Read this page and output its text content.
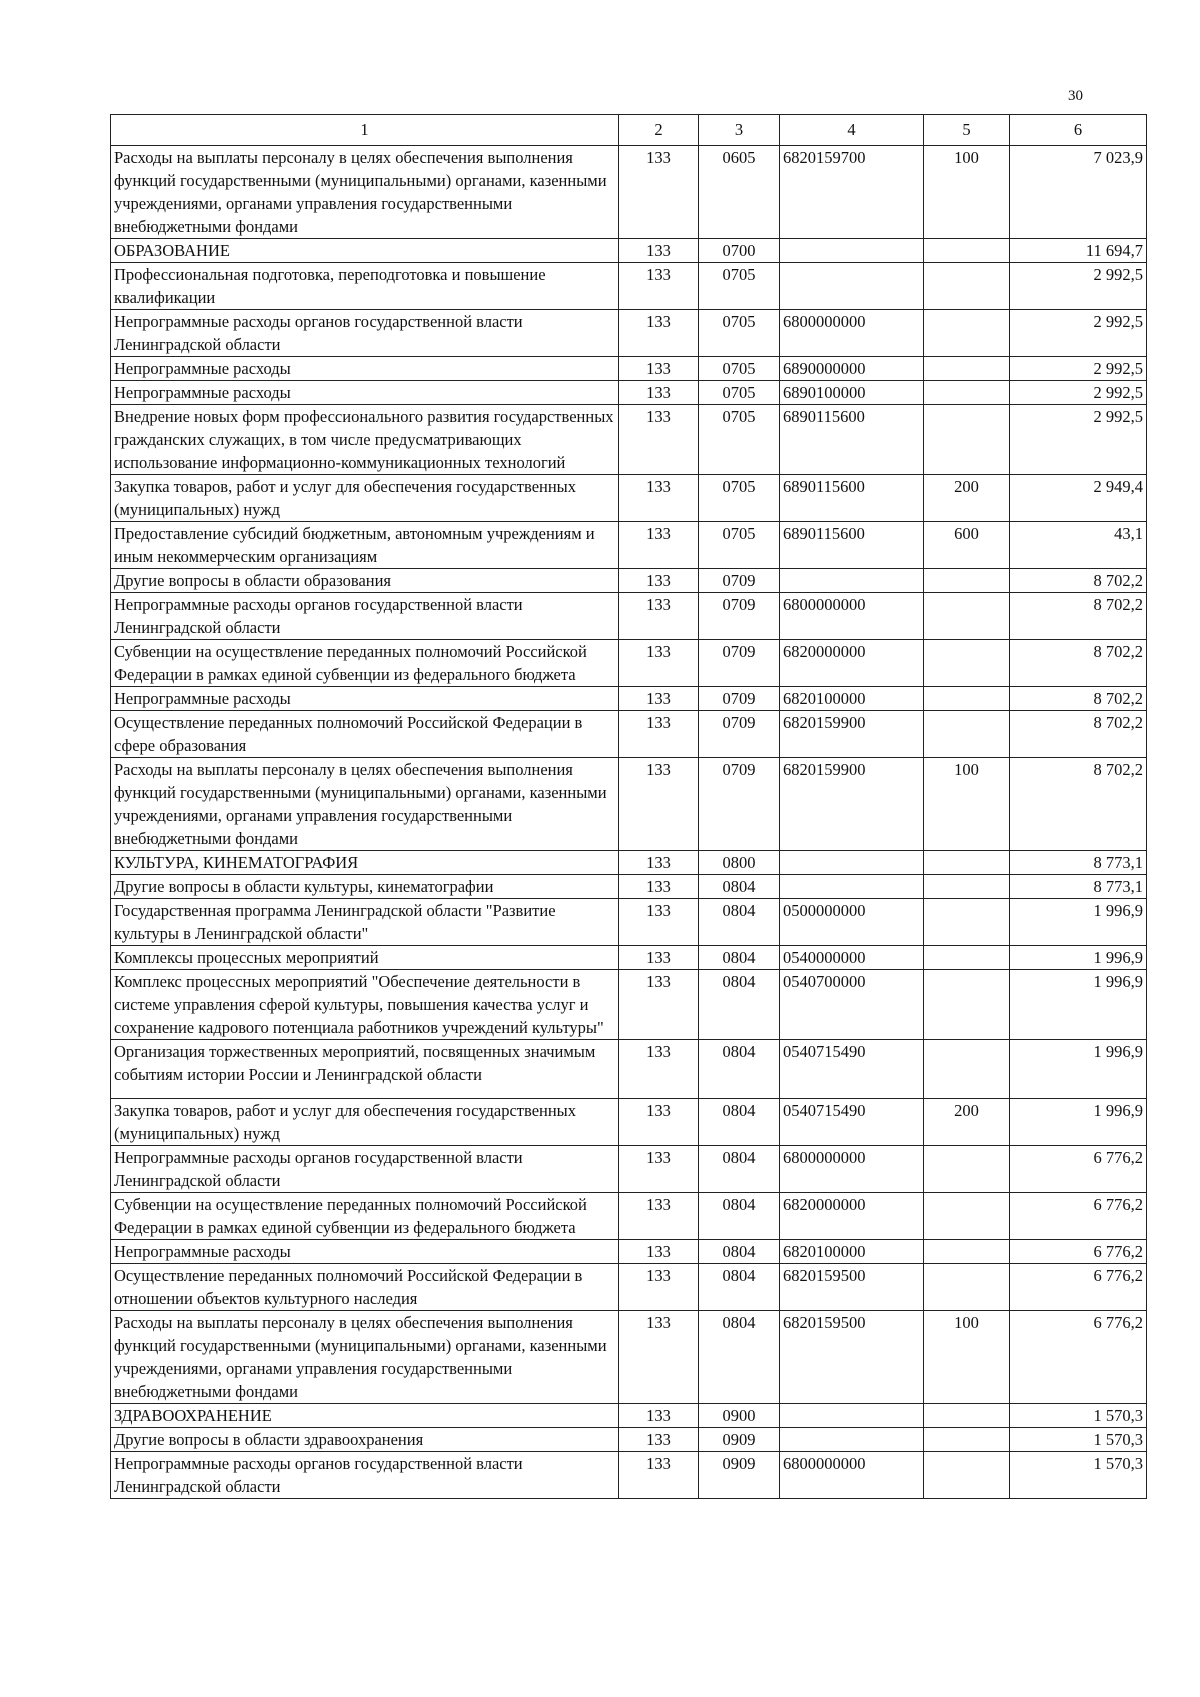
30
1	2	3	4	5	6
Расходы на выплаты персоналу в целях обеспечения выполнения функций государственными (муниципальными) органами, казенными учреждениями, органами управления государственными внебюджетными фондами	133	0605	6820159700	100	7 023,9
ОБРАЗОВАНИЕ	133	0700			11 694,7
Профессиональная подготовка, переподготовка и повышение квалификации	133	0705			2 992,5
Непрограммные расходы органов государственной власти Ленинградской области	133	0705	6800000000		2 992,5
Непрограммные расходы	133	0705	6890000000		2 992,5
Непрограммные расходы	133	0705	6890100000		2 992,5
Внедрение новых форм профессионального развития государственных гражданских служащих, в том числе предусматривающих использование информационно-коммуникационных технологий	133	0705	6890115600		2 992,5
Закупка товаров, работ и услуг для обеспечения государственных (муниципальных) нужд	133	0705	6890115600	200	2 949,4
Предоставление субсидий бюджетным, автономным учреждениям и иным некоммерческим организациям	133	0705	6890115600	600	43,1
Другие вопросы в области образования	133	0709			8 702,2
Непрограммные расходы органов государственной власти Ленинградской области	133	0709	6800000000		8 702,2
Субвенции на осуществление переданных полномочий Российской Федерации в рамках единой субвенции из федерального бюджета	133	0709	6820000000		8 702,2
Непрограммные расходы	133	0709	6820100000		8 702,2
Осуществление переданных полномочий Российской Федерации в сфере образования	133	0709	6820159900		8 702,2
Расходы на выплаты персоналу в целях обеспечения выполнения функций государственными (муниципальными) органами, казенными учреждениями, органами управления государственными внебюджетными фондами	133	0709	6820159900	100	8 702,2
КУЛЬТУРА, КИНЕМАТОГРАФИЯ	133	0800			8 773,1
Другие вопросы в области культуры, кинематографии	133	0804			8 773,1
Государственная программа Ленинградской области "Развитие культуры в Ленинградской области"	133	0804	0500000000		1 996,9
Комплексы процессных мероприятий	133	0804	0540000000		1 996,9
Комплекс процессных мероприятий "Обеспечение деятельности в системе управления сферой культуры, повышения качества услуг и сохранение кадрового потенциала работников учреждений культуры"	133	0804	0540700000		1 996,9
Организация торжественных мероприятий, посвященных значимым событиям истории России и Ленинградской области	133	0804	0540715490		1 996,9
Закупка товаров, работ и услуг для обеспечения государственных (муниципальных) нужд	133	0804	0540715490	200	1 996,9
Непрограммные расходы органов государственной власти Ленинградской области	133	0804	6800000000		6 776,2
Субвенции на осуществление переданных полномочий Российской Федерации в рамках единой субвенции из федерального бюджета	133	0804	6820000000		6 776,2
Непрограммные расходы	133	0804	6820100000		6 776,2
Осуществление переданных полномочий Российской Федерации в отношении объектов культурного наследия	133	0804	6820159500		6 776,2
Расходы на выплаты персоналу в целях обеспечения выполнения функций государственными (муниципальными) органами, казенными учреждениями, органами управления государственными внебюджетными фондами	133	0804	6820159500	100	6 776,2
ЗДРАВООХРАНЕНИЕ	133	0900			1 570,3
Другие вопросы в области здравоохранения	133	0909			1 570,3
Непрограммные расходы органов государственной власти Ленинградской области	133	0909	6800000000		1 570,3
